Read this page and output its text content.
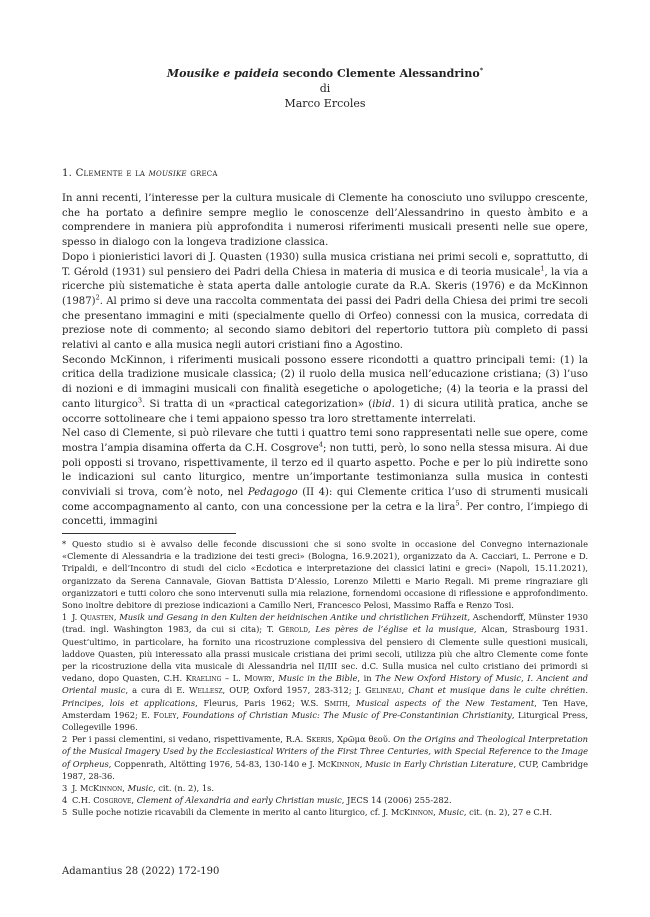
Mousike e paideia secondo Clemente Alessandrino*
di
Marco Ercoles
1. Clemente e la mousike greca

In anni recenti, l’interesse per la cultura musicale di Clemente ha conosciuto uno sviluppo crescente, che ha portato a definire sempre meglio le conoscenze dell’Alessandrino in questo àmbito e a comprendere in maniera più approfondita i numerosi riferimenti musicali presenti nelle sue opere, spesso in dialogo con la longeva tradizione classica.

Dopo i pionieristici lavori di J. Quasten (1930) sulla musica cristiana nei primi secoli e, soprattutto, di T. Gérold (1931) sul pensiero dei Padri della Chiesa in materia di musica e di teoria musicale$^1$, la via a ricerche più sistematiche è stata aperta dalle antologie curate da R.A. Skeris (1976) e da McKinnon $(1987)^2$. Al primo si deve una raccolta commentata dei passi dei Padri della Chiesa dei primi tre secoli che presentano immagini e miti (specialmente quello di Orfeo) connessi con la musica, corredata di preziose note di commento; al secondo siamo debitori del repertorio tuttora più completo di passi relativi al canto e alla musica negli autori cristiani fino a Agostino.

Secondo McKinnon, i riferimenti musicali possono essere ricondotti a quattro principali temi: (1) la critica della tradizione musicale classica; (2) il ruolo della musica nell’educazione cristiana; (3) l’uso di nozioni e di immagini musicali con finalità esegetiche o apologetiche; (4) la teoria e la prassi del canto liturgico$^3$. Si tratta di un «practical categorization» (ibid. 1) di sicura utilità pratica, anche se occorre sottolineare che i temi appaiono spesso tra loro strettamente interrelati.

Nel caso di Clemente, si può rilevare che tutti i quattro temi sono rappresentati nelle sue opere, come mostra l’ampia disamina offerta da C.H. Cosgrove$^4$; non tutti, però, lo sono nella stessa misura. Ai due poli opposti si trovano, rispettivamente, il terzo ed il quarto aspetto. Poche e per lo più indirette sono le indicazioni sul canto liturgico, mentre un’importante testimonianza sulla musica in contesti conviviali si trova, com’è noto, nel Pedagogo (II 4): qui Clemente critica l’uso di strumenti musicali come accompagnamento al canto, con una concessione per la cetra e la lira$^5$. Per contro, l’impiego di concetti, immagini

* Questo studio si è avvalso delle feconde discussioni che si sono svolte in occasione del Convegno internazionale «Clemente di Alessandria e la tradizione dei testi greci» (Bologna, 16.9.2021), organizzato da A. Cacciari, L. Perrone e D. Tripaldi, e dell’Incontro di studi del ciclo «Ecdotica e interpretazione dei classici latini e greci» (Napoli, 15.11.2021), organizzato da Serena Cannavale, Giovan Battista D’Alessio, Lorenzo Miletti e Mario Regali. Mi preme ringraziare gli organizzatori e tutti coloro che sono intervenuti sulla mia relazione, fornendomi occasione di riflessione e approfondimento. Sono inoltre debitore di preziose indicazioni a Camillo Neri, Francesco Pelosi, Massimo Raffa e Renzo Tosi.

1 J. Quasten, Musik und Gesang in den Kulten der heidnischen Antike und christlichen Frühzeit, Aschendorff, Münster 1930 (trad. ingl. Washington 1983, da cui si cita); T. Gérold, Les pères de l’église et la musique, Alcan, Strasbourg 1931. Quest’ultimo, in particolare, ha fornito una ricostruzione complessiva del pensiero di Clemente sulle questioni musicali, laddove Quasten, più interessato alla prassi musicale cristiana dei primi secoli, utilizza più che altro Clemente come fonte per la ricostruzione della vita musicale di Alessandria nel II/III sec. d.C. Sulla musica nel culto cristiano dei primordi si vedano, dopo Quasten, C.H. Kraeling – L. Mowry, Music in the Bible, in The New Oxford History of Music, I. Ancient and Oriental music, a cura di E. Wellesz, OUP, Oxford 1957, 283-312; J. Gelineau, Chant et musique dans le culte chrétien. Principes, lois et applications, Fleurus, Paris 1962; W.S. Smith, Musical aspects of the New Testament, Ten Have, Amsterdam 1962; E. Foley, Foundations of Christian Music: The Music of Pre-Constantinian Christianity, Liturgical Press, Collegeville 1996.

2 Per i passi clementini, si vedano, rispettivamente, R.A. Skeris, Χρῶμα θεοῦ. On the Origins and Theological Interpretation of the Musical Imagery Used by the Ecclesiastical Writers of the First Three Centuries, with Special Reference to the Image of Orpheus, Coppenrath, Altötting 1976, 54-83, 130-140 e J. McKinnon, Music in Early Christian Literature, CUP, Cambridge 1987, 28-36.

3 J. McKinnon, Music, cit. (n. 2), 1s.

4 C.H. Cosgrove, Clement of Alexandria and early Christian music, JECS 14 (2006) 255-282.

5 Sulle poche notizie ricavabili da Clemente in merito al canto liturgico, cf. J. McKinnon, Music, cit. (n. 2), 27 e C.H.

Adamantius 28 (2022) 172-190
